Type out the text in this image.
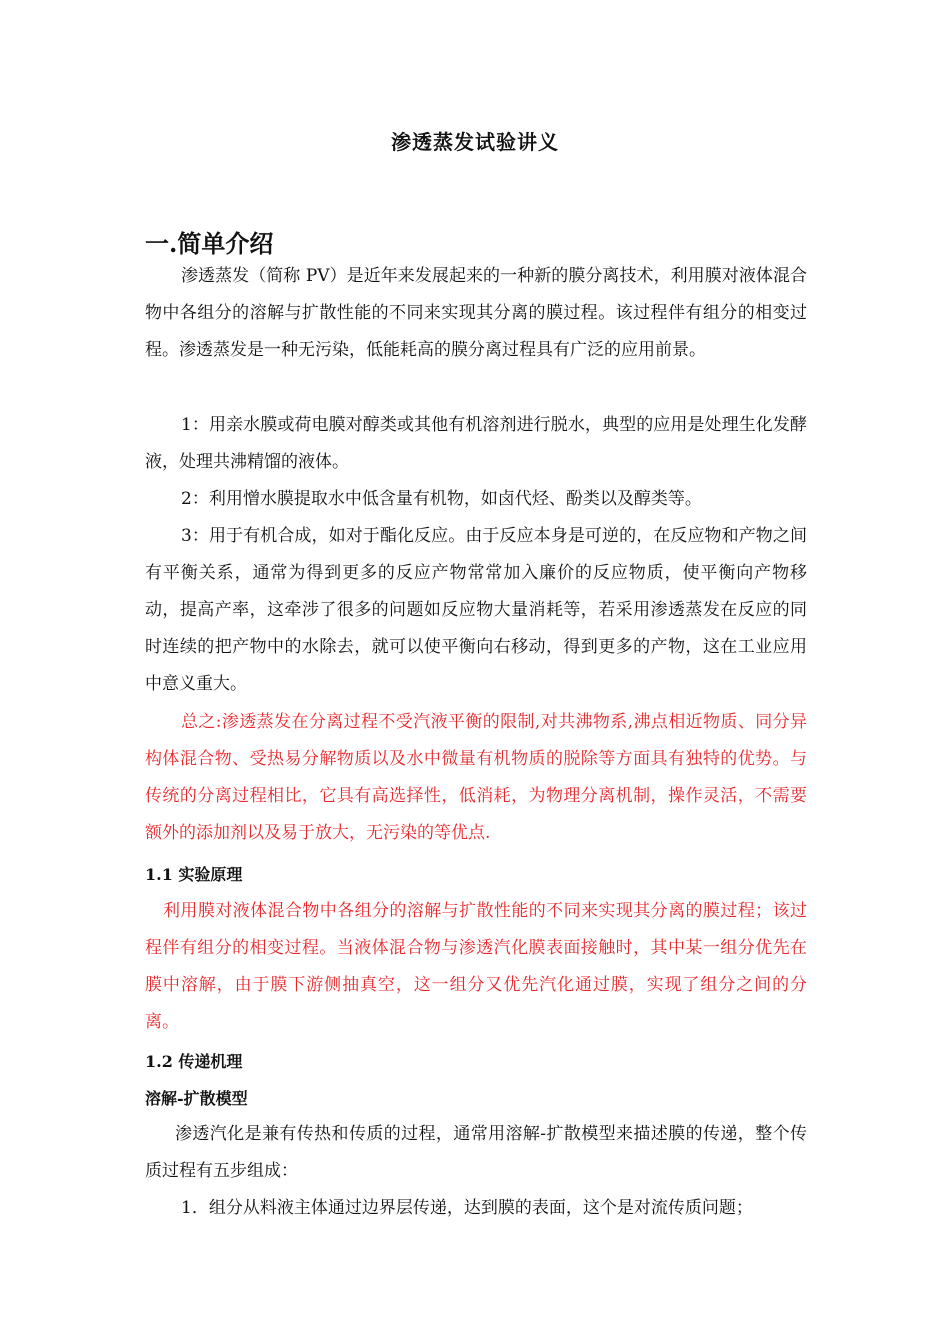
渗透蒸发试验讲义
一.简单介绍
渗透蒸发（简称 PV）是近年来发展起来的一种新的膜分离技术，利用膜对液体混合物中各组分的溶解与扩散性能的不同来实现其分离的膜过程。该过程伴有组分的相变过程。渗透蒸发是一种无污染，低能耗高的膜分离过程具有广泛的应用前景。
1：用亲水膜或荷电膜对醇类或其他有机溶剂进行脱水，典型的应用是处理生化发酵液，处理共沸精馏的液体。
2：利用憎水膜提取水中低含量有机物，如卤代烃、酚类以及醇类等。
3：用于有机合成，如对于酯化反应。由于反应本身是可逆的，在反应物和产物之间有平衡关系，通常为得到更多的反应产物常常加入廉价的反应物质，使平衡向产物移动，提高产率，这牵涉了很多的问题如反应物大量消耗等，若采用渗透蒸发在反应的同时连续的把产物中的水除去，就可以使平衡向右移动，得到更多的产物，这在工业应用中意义重大。
总之:渗透蒸发在分离过程不受汽液平衡的限制,对共沸物系,沸点相近物质、同分异构体混合物、受热易分解物质以及水中微量有机物质的脱除等方面具有独特的优势。与传统的分离过程相比，它具有高选择性，低消耗，为物理分离机制，操作灵活，不需要额外的添加剂以及易于放大，无污染的等优点.
1.1 实验原理
利用膜对液体混合物中各组分的溶解与扩散性能的不同来实现其分离的膜过程；该过程伴有组分的相变过程。当液体混合物与渗透汽化膜表面接触时，其中某一组分优先在膜中溶解，由于膜下游侧抽真空，这一组分又优先汽化通过膜，实现了组分之间的分离。
1.2 传递机理
溶解-扩散模型
渗透汽化是兼有传热和传质的过程，通常用溶解-扩散模型来描述膜的传递，整个传质过程有五步组成：
1．组分从料液主体通过边界层传递，达到膜的表面，这个是对流传质问题；
